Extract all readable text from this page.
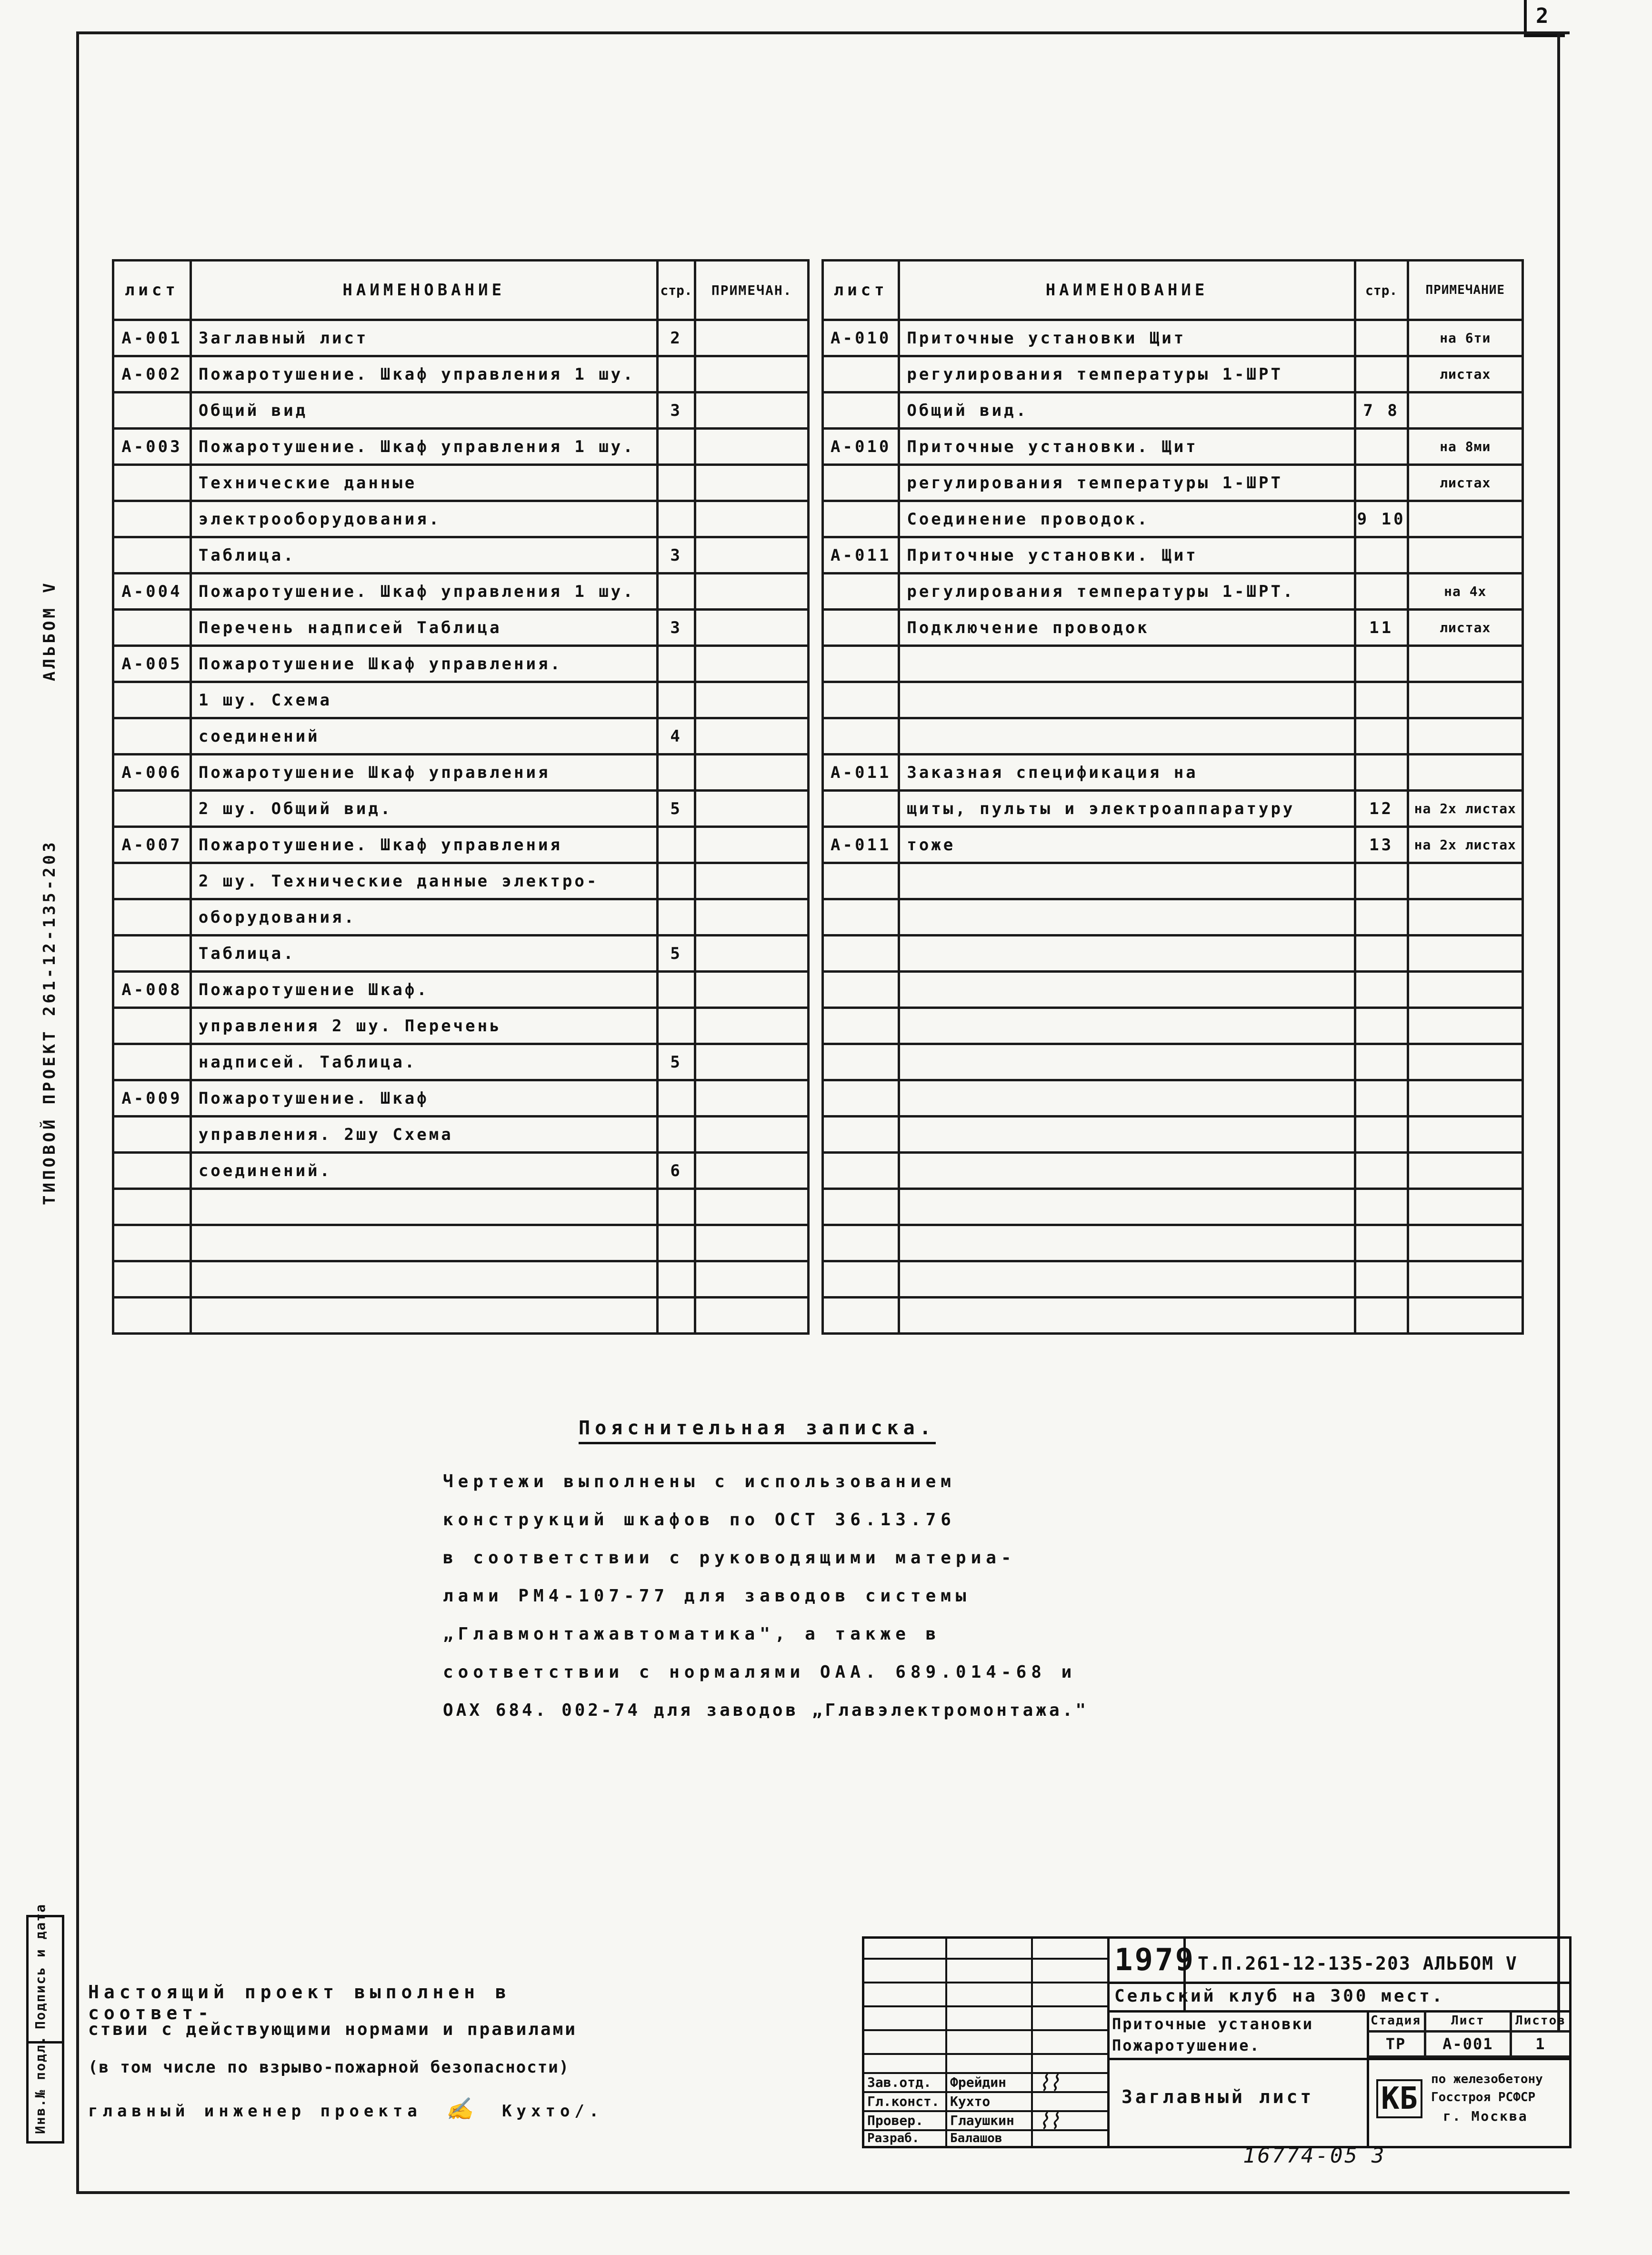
2
АЛЬБОМ V
ТИПОВОЙ ПРОЕКТ 261-12-135-203
лист	НАИМЕНОВАНИЕ	стр.	ПРИМЕЧАН.
А-001	Заглавный лист	2	
А-002	Пожаротушение. Шкаф управления 1 шу.		
	Общий вид	3	
А-003	Пожаротушение. Шкаф управления 1 шу.		
	Технические данные		
	электрооборудования.		
	Таблица.	3	
А-004	Пожаротушение. Шкаф управления 1 шу.		
	Перечень надписей Таблица	3	
А-005	Пожаротушение Шкаф управления.		
	1 шу. Схема		
	соединений	4	
А-006	Пожаротушение Шкаф управления		
	2 шу. Общий вид.	5	
А-007	Пожаротушение. Шкаф управления		
	2 шу. Технические данные электро-		
	оборудования.		
	Таблица.	5	
А-008	Пожаротушение Шкаф.		
	управления 2 шу. Перечень		
	надписей. Таблица.	5	
А-009	Пожаротушение. Шкаф		
	управления. 2шу Схема		
	соединений.	6	

лист	НАИМЕНОВАНИЕ	стр.	ПРИМЕЧАНИЕ
А-010	Приточные установки Щит		на 6ти
	регулирования температуры 1-ШРТ		листах
	Общий вид.	7 8	
А-010	Приточные установки. Щит		на 8ми
	регулирования температуры 1-ШРТ		листах
	Соединение проводок.	9 10	
А-011	Приточные установки. Щит		
	регулирования температуры 1-ШРТ.		на 4х
	Подключение проводок	11	листах

А-011	Заказная спецификация на		
	щиты, пульты и электроаппаратуру	12	на 2х листах
А-011	тоже	13	на 2х листах

Пояснительная записка.
Чертежи выполнены с использованием
конструкций шкафов по ОСТ 36.13.76
в соответствии с руководящими материа-
лами РМ4-107-77 для заводов системы
„Главмонтажавтоматика", а также в
соответствии с нормалями ОАА. 689.014-68 и
ОАХ 684. 002-74 для заводов „Главэлектромонтажа."
Подпись и дата
Инв.№ подл.
Настоящий проект выполнен в соответ-
ствии с действующими нормами и правилами
(в том числе по взрыво-пожарной безопасности)
главный инженер проекта ✍ Кухто/.
Зав.отд. Фрейдин
Гл.конст. Кухто
Провер. Глаушкин
Разраб. Балашов
⌇⌇
⌇⌇
1979 Т.П.261-12-135-203 АЛЬБОМ V
Сельский клуб на 300 мест.
Приточные установки
Пожаротушение.
Стадия	Лист	Листов
ТР	А-001	1
Заглавный лист КБ
по железобетону
Госстроя РСФСР
г. Москва
16774-05 3
